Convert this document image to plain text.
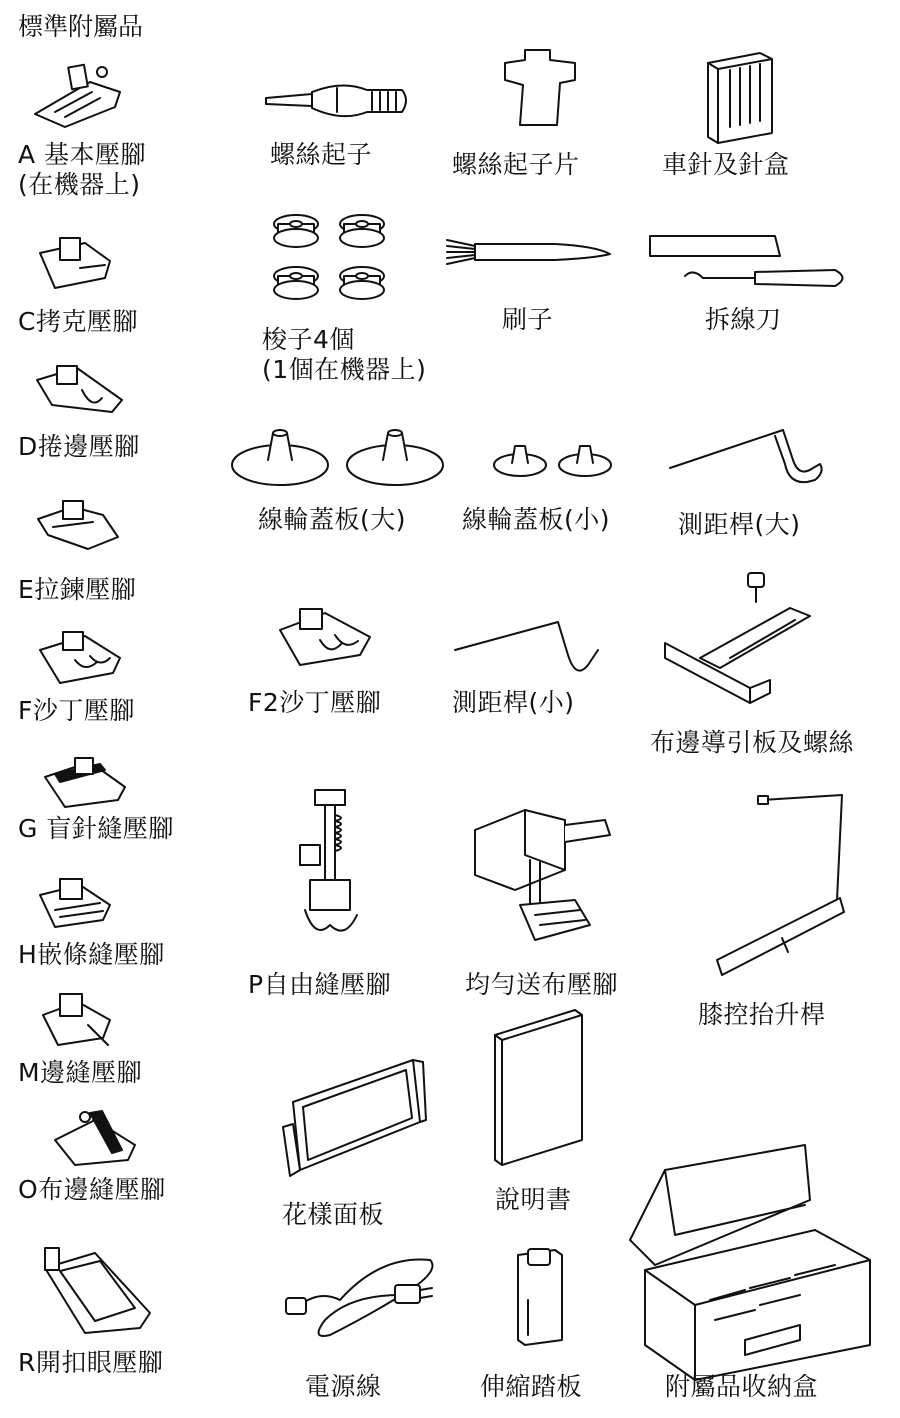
標準附屬品
A 基本壓腳
(在機器上)
C拷克壓腳
D捲邊壓腳
E拉鍊壓腳
F沙丁壓腳
G 盲針縫壓腳
H嵌條縫壓腳
M邊縫壓腳
O布邊縫壓腳
R開扣眼壓腳
螺絲起子	螺絲起子片	車針及針盒
梭子4個
(1個在機器上)
刷子	拆線刀
線輪蓋板(大) 線輪蓋板(小)	測距桿(大)
F2沙丁壓腳	測距桿(小)
布邊導引板及螺絲
P自由縫壓腳	均勻送布壓腳
膝控抬升桿
花樣面板
說明書
電源線	伸縮踏板	附屬品收納盒
